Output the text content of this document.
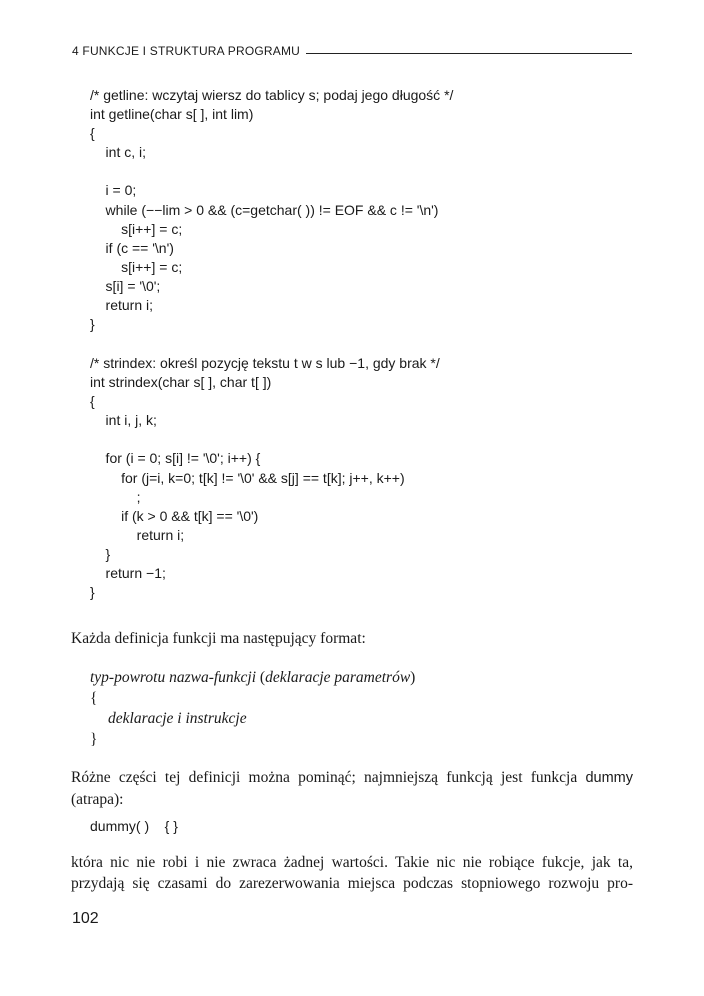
4 FUNKCJE I STRUKTURA PROGRAMU
/* getline: wczytaj wiersz do tablicy s; podaj jego długość */
int getline(char s[ ], int lim)
{
int c, i;
i = 0;
while (−−lim > 0 && (c=getchar( )) != EOF && c != '\n')
s[i++] = c;
if (c == '\n')
s[i++] = c;
s[i] = '\0';
return i;
}
/* strindex: określ pozycję tekstu t w s lub −1, gdy brak */
int strindex(char s[ ], char t[ ])
{
int i, j, k;
for (i = 0; s[i] != '\0'; i++) {
for (j=i, k=0; t[k] != '\0' && s[j] == t[k]; j++, k++)
;
if (k > 0 && t[k] == '\0')
return i;
}
return −1;
}

Każda definicja funkcji ma następujący format:

typ-powrotu nazwa-funkcji (deklaracje parametrów)
{
deklaracje i instrukcje
}
Różne części tej definicji można pominąć; najmniejszą funkcją jest funkcja dummy
(atrapa):
dummy( )    { }
która nic nie robi i nie zwraca żadnej wartości. Takie nic nie robiące fukcje, jak ta,
przydają się czasami do zarezerwowania miejsca podczas stopniowego rozwoju pro-
102
